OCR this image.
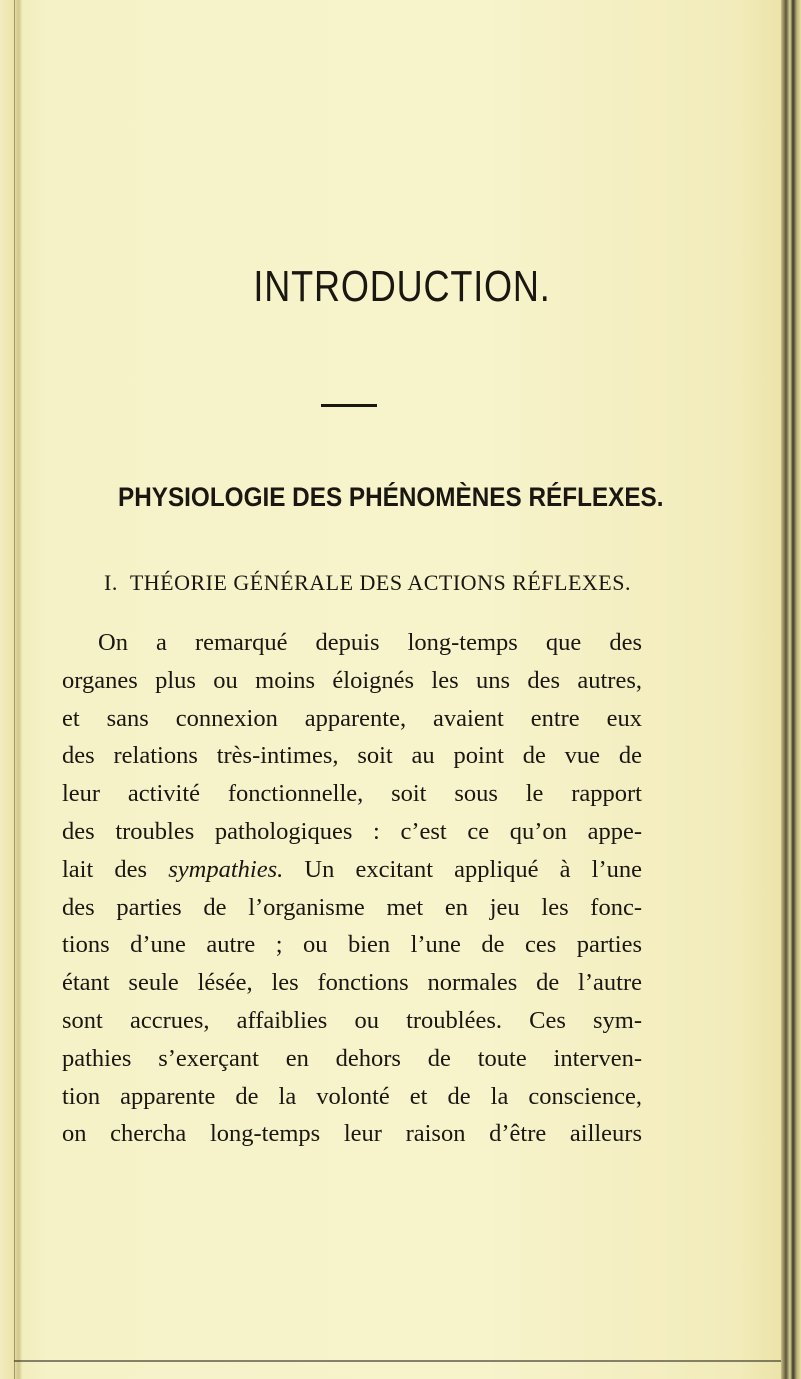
INTRODUCTION.
PHYSIOLOGIE DES PHÉNOMÈNES RÉFLEXES.
I. THÉORIE GÉNÉRALE DES ACTIONS RÉFLEXES.
On a remarqué depuis long-temps que des
organes plus ou moins éloignés les uns des autres,
et sans connexion apparente, avaient entre eux
des relations très-intimes, soit au point de vue de
leur activité fonctionnelle, soit sous le rapport
des troubles pathologiques : c’est ce qu’on appe-
lait des sympathies. Un excitant appliqué à l’une
des parties de l’organisme met en jeu les fonc-
tions d’une autre ; ou bien l’une de ces parties
étant seule lésée, les fonctions normales de l’autre
sont accrues, affaiblies ou troublées. Ces sym-
pathies s’exerçant en dehors de toute interven-
tion apparente de la volonté et de la conscience,
on chercha long-temps leur raison d’être ailleurs
